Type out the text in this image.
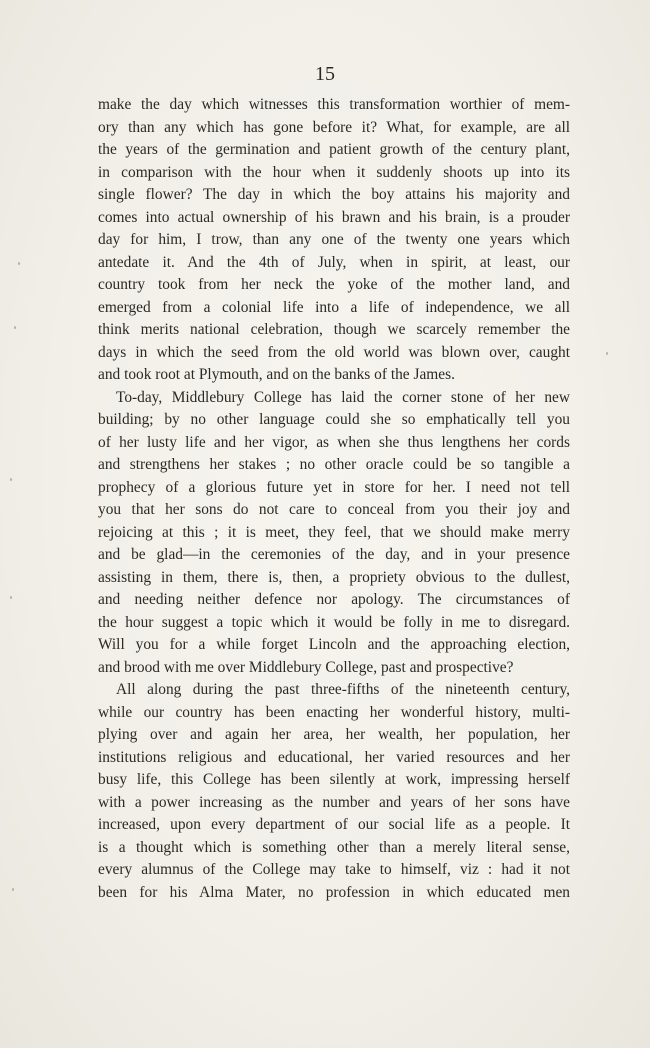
15
make the day which witnesses this transformation worthier of mem-
ory than any which has gone before it? What, for example, are all
the years of the germination and patient growth of the century plant,
in comparison with the hour when it suddenly shoots up into its
single flower? The day in which the boy attains his majority and
comes into actual ownership of his brawn and his brain, is a prouder
day for him, I trow, than any one of the twenty one years which
antedate it. And the 4th of July, when in spirit, at least, our
country took from her neck the yoke of the mother land, and
emerged from a colonial life into a life of independence, we all
think merits national celebration, though we scarcely remember the
days in which the seed from the old world was blown over, caught
and took root at Plymouth, and on the banks of the James.
To-day, Middlebury College has laid the corner stone of her new
building; by no other language could she so emphatically tell you
of her lusty life and her vigor, as when she thus lengthens her cords
and strengthens her stakes ; no other oracle could be so tangible a
prophecy of a glorious future yet in store for her. I need not tell
you that her sons do not care to conceal from you their joy and
rejoicing at this ; it is meet, they feel, that we should make merry
and be glad—in the ceremonies of the day, and in your presence
assisting in them, there is, then, a propriety obvious to the dullest,
and needing neither defence nor apology. The circumstances of
the hour suggest a topic which it would be folly in me to disregard.
Will you for a while forget Lincoln and the approaching election,
and brood with me over Middlebury College, past and prospective?
All along during the past three-fifths of the nineteenth century,
while our country has been enacting her wonderful history, multi-
plying over and again her area, her wealth, her population, her
institutions religious and educational, her varied resources and her
busy life, this College has been silently at work, impressing herself
with a power increasing as the number and years of her sons have
increased, upon every department of our social life as a people. It
is a thought which is something other than a merely literal sense,
every alumnus of the College may take to himself, viz : had it not
been for his Alma Mater, no profession in which educated men
